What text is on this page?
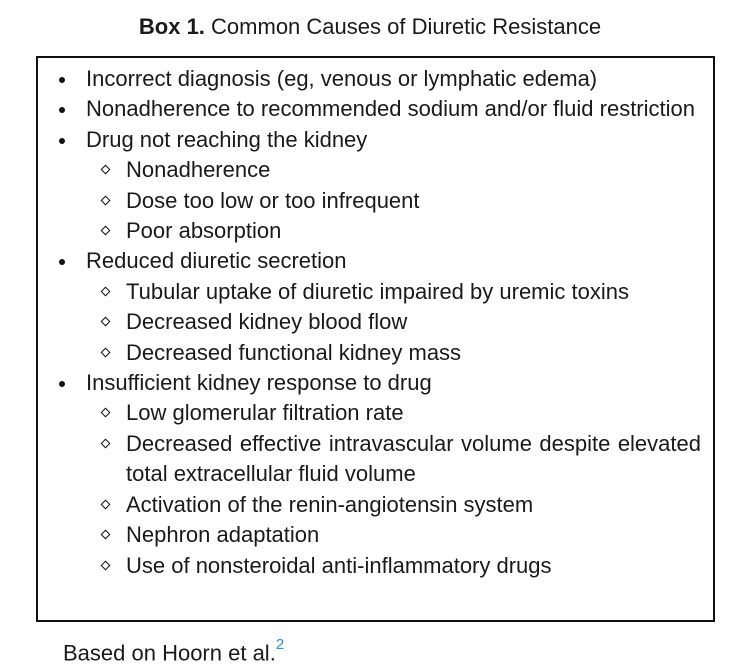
Box 1. Common Causes of Diuretic Resistance
Incorrect diagnosis (eg, venous or lymphatic edema)
Nonadherence to recommended sodium and/or fluid restriction
Drug not reaching the kidney
Nonadherence
Dose too low or too infrequent
Poor absorption
Reduced diuretic secretion
Tubular uptake of diuretic impaired by uremic toxins
Decreased kidney blood flow
Decreased functional kidney mass
Insufficient kidney response to drug
Low glomerular filtration rate
Decreased effective intravascular volume despite elevated total extracellular fluid volume
Activation of the renin-angiotensin system
Nephron adaptation
Use of nonsteroidal anti-inflammatory drugs
Based on Hoorn et al.$^2$
